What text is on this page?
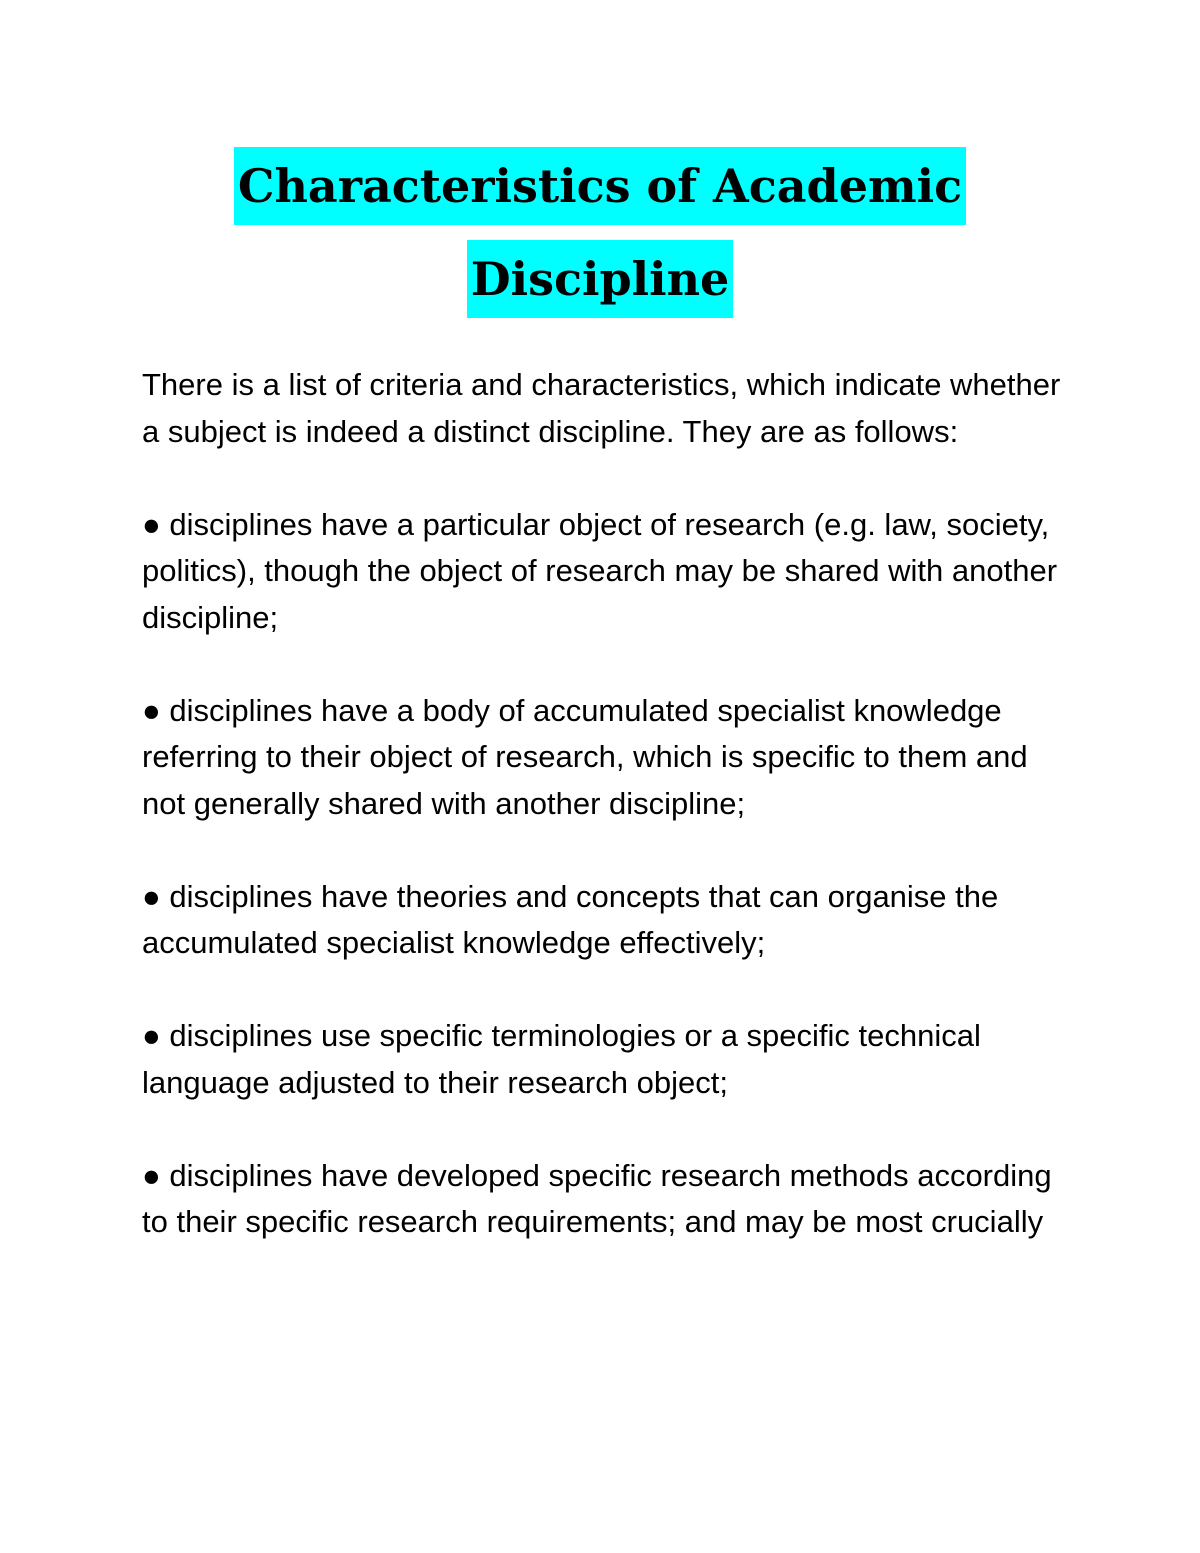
Characteristics of Academic
Discipline

There is a list of criteria and characteristics, which indicate whether a subject is indeed a distinct discipline. They are as follows:

● disciplines have a particular object of research (e.g. law, society, politics), though the object of research may be shared with another discipline;

● disciplines have a body of accumulated specialist knowledge referring to their object of research, which is specific to them and not generally shared with another discipline;

● disciplines have theories and concepts that can organise the accumulated specialist knowledge effectively;

● disciplines use specific terminologies or a specific technical language adjusted to their research object;

● disciplines have developed specific research methods according to their specific research requirements; and may be most crucially
